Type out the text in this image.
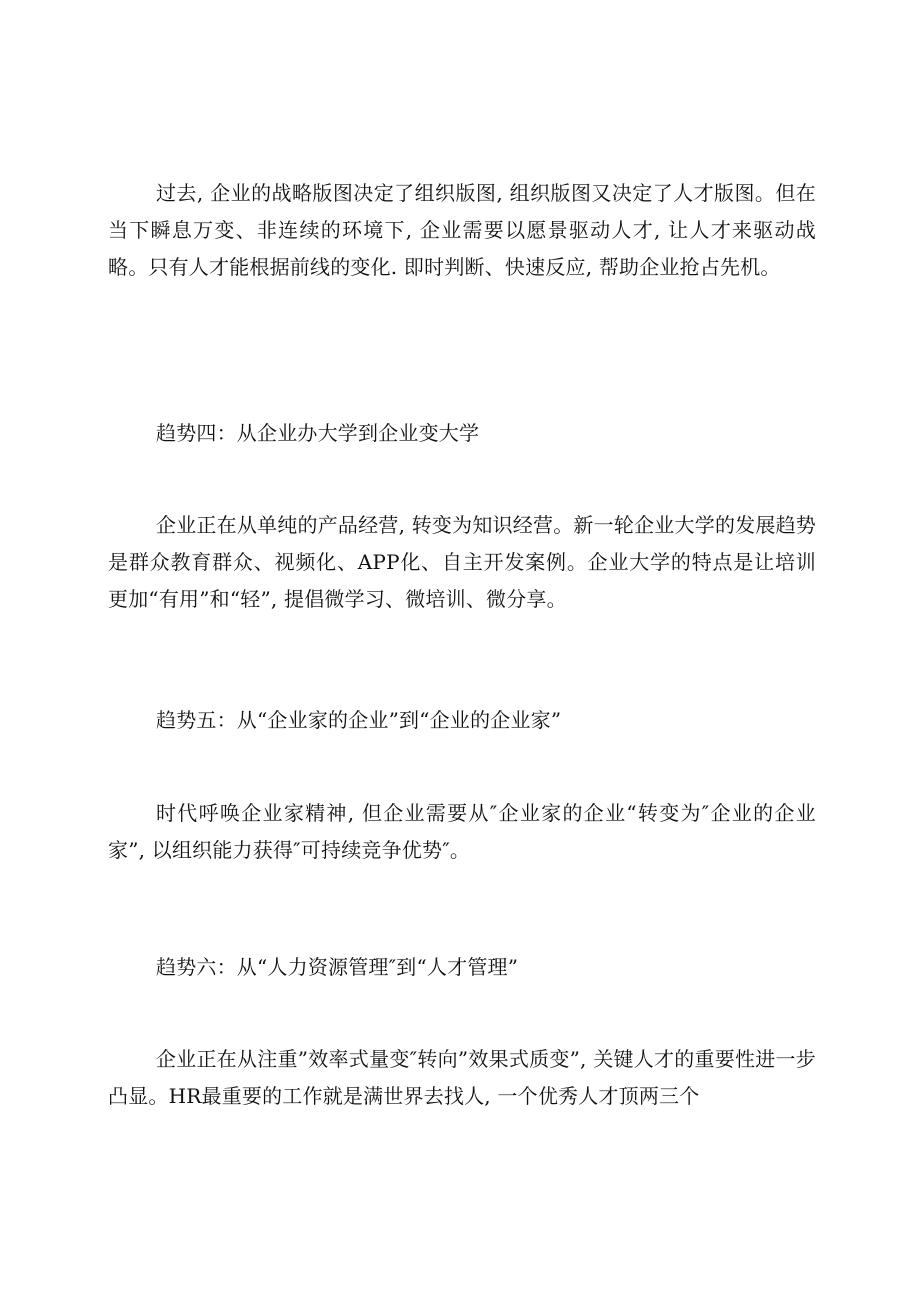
过去, 企业的战略版图决定了组织版图, 组织版图又决定了人才版图。但在当下瞬息万变、非连续的环境下, 企业需要以愿景驱动人才, 让人才来驱动战略。只有人才能根据前线的变化. 即时判断、快速反应, 帮助企业抢占先机。

趋势四：从企业办大学到企业变大学

企业正在从单纯的产品经营, 转变为知识经营。新一轮企业大学的发展趋势是群众教育群众、视频化、APP化、自主开发案例。企业大学的特点是让培训更加“有用”和“轻”, 提倡微学习、微培训、微分享。

趋势五：从“企业家的企业”到“企业的企业家”

时代呼唤企业家精神, 但企业需要从″企业家的企业“转变为″企业的企业家”, 以组织能力获得″可持续竞争优势″。

趋势六：从“人力资源管理″到“人才管理”

企业正在从注重”效率式量变″转向”效果式质变”, 关键人才的重要性进一步凸显。HR最重要的工作就是满世界去找人, 一个优秀人才顶两三个
